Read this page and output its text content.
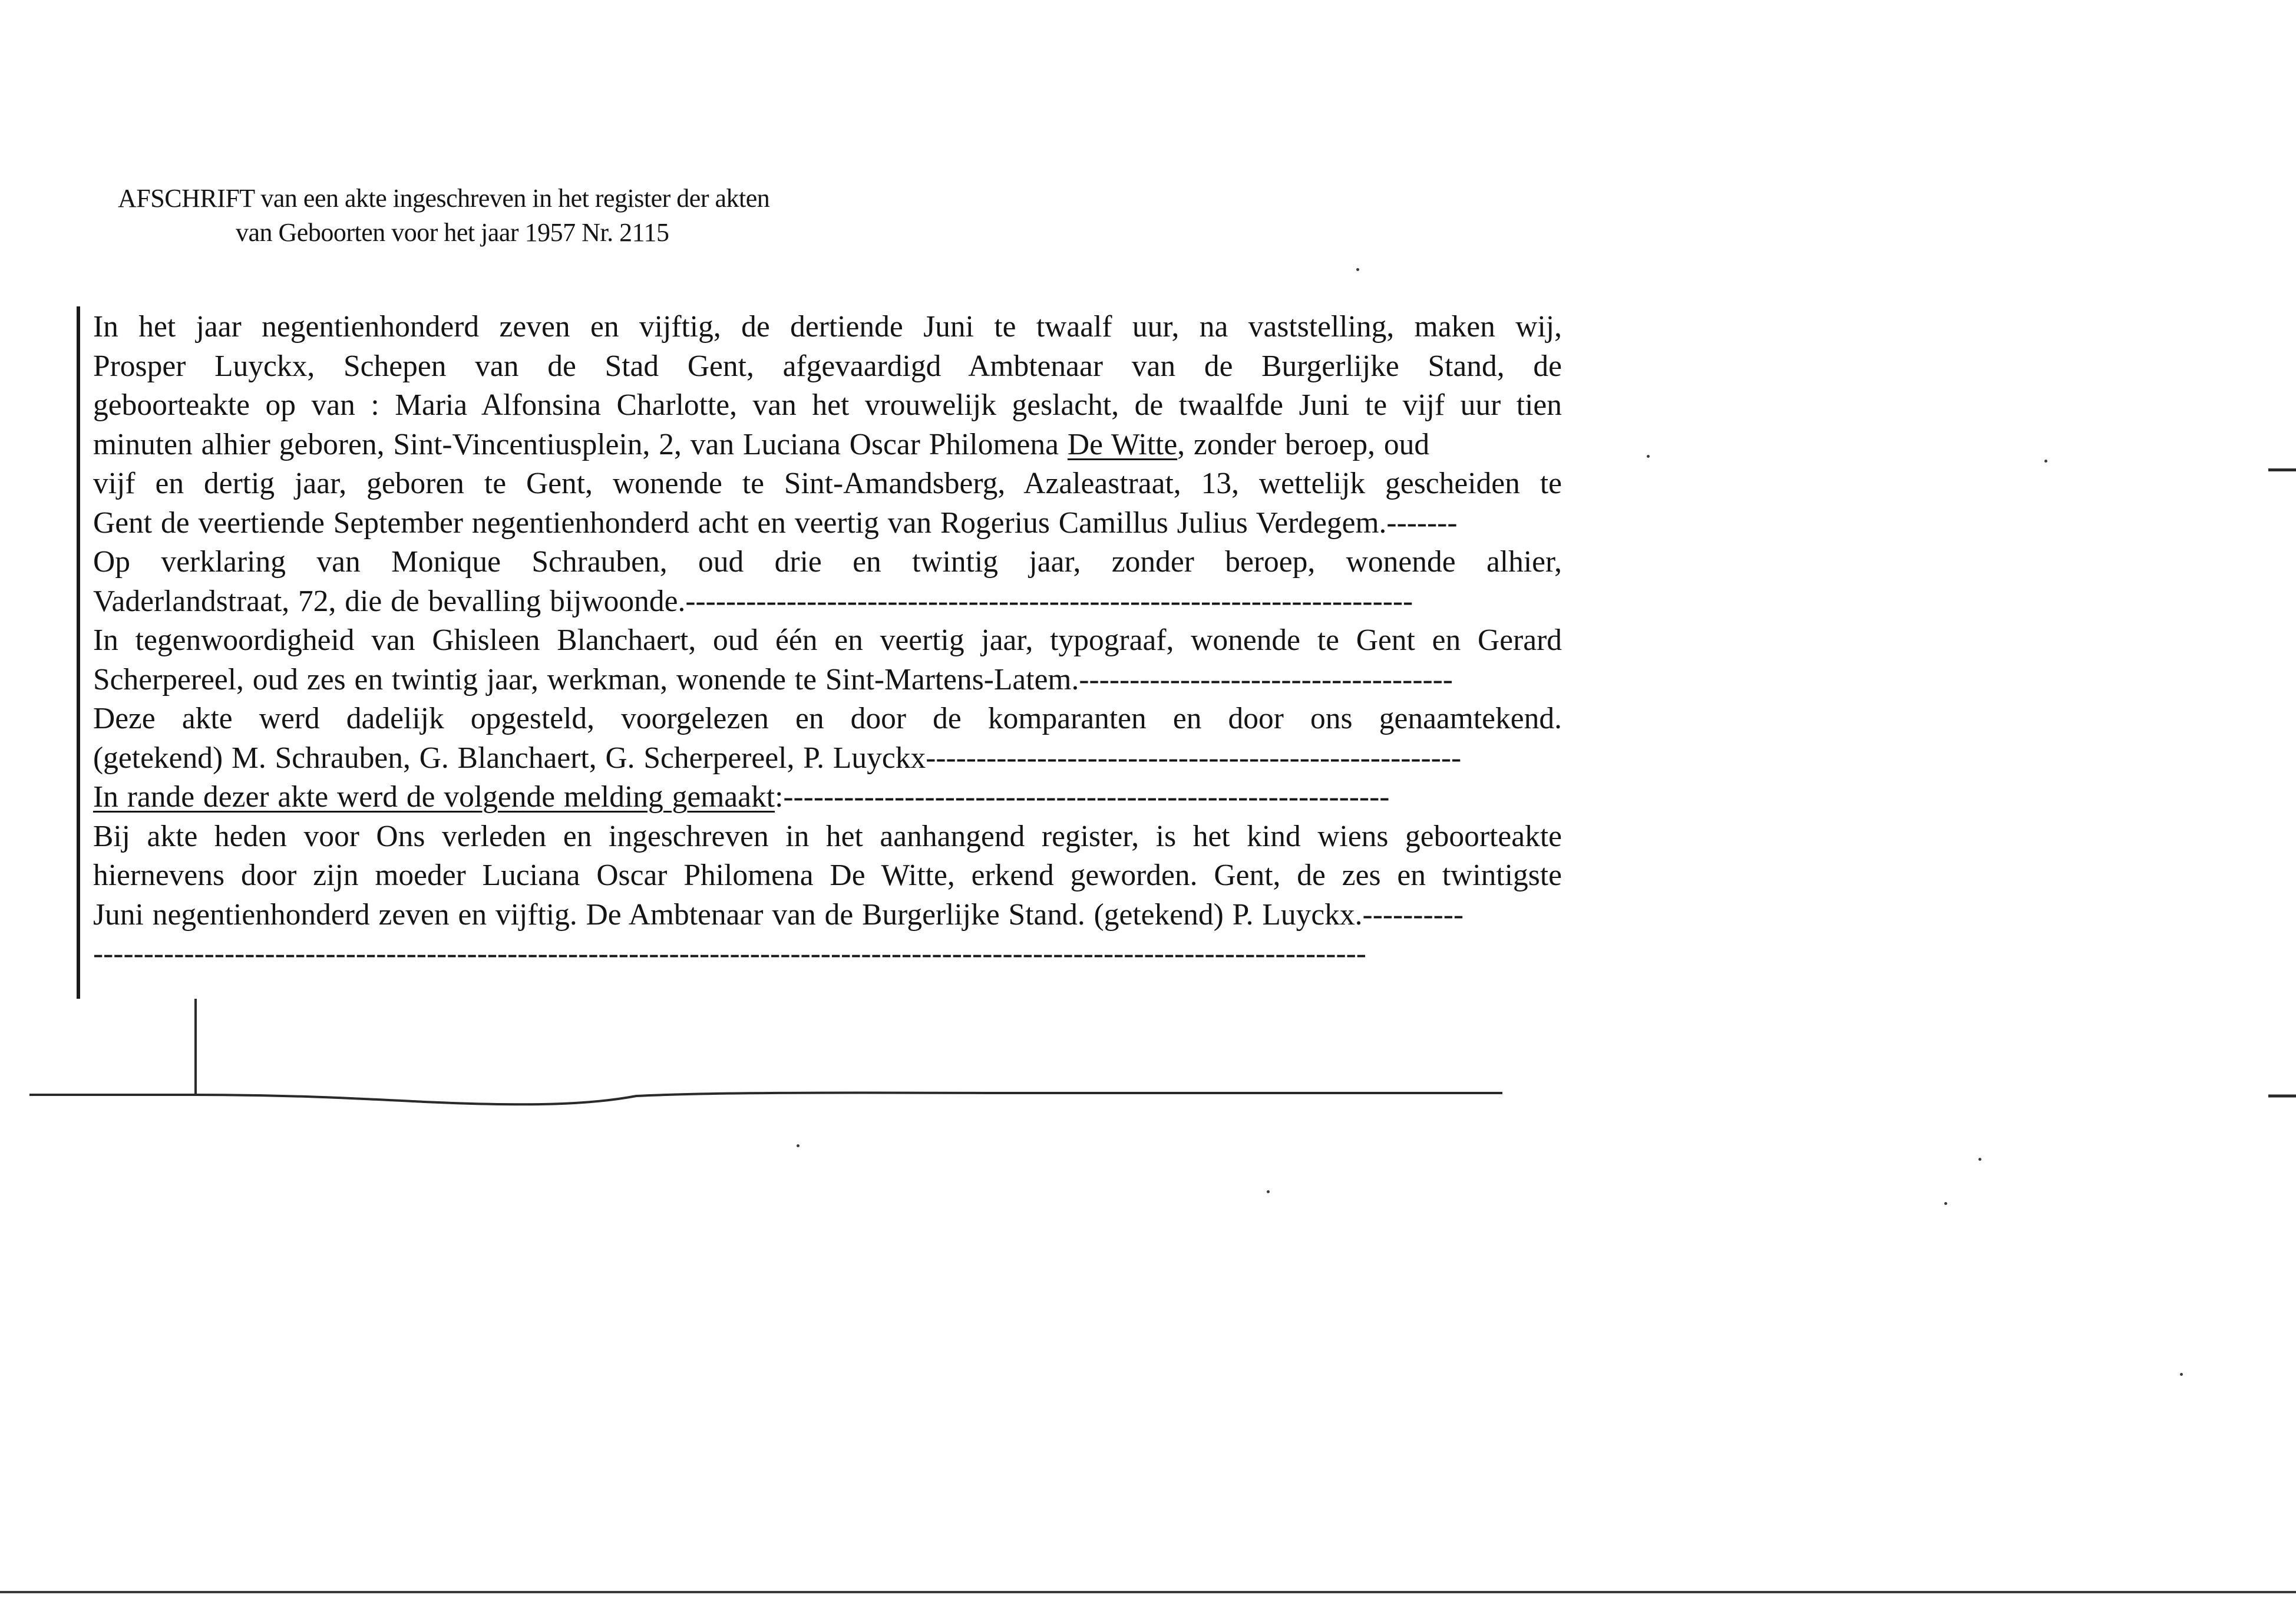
AFSCHRIFT van een akte ingeschreven in het register der akten
van Geboorten voor het jaar 1957 Nr. 2115
In het jaar negentienhonderd zeven en vijftig, de dertiende Juni te twaalf uur, na vaststelling, maken wij,
Prosper Luyckx, Schepen van de Stad Gent, afgevaardigd Ambtenaar van de Burgerlijke Stand, de
geboorteakte op van : Maria Alfonsina Charlotte, van het vrouwelijk geslacht, de twaalfde Juni te vijf uur tien
minuten alhier geboren, Sint-Vincentiusplein, 2, van Luciana Oscar Philomena De Witte, zonder beroep, oud
vijf en dertig jaar, geboren te Gent, wonende te Sint-Amandsberg, Azaleastraat, 13, wettelijk gescheiden te
Gent de veertiende September negentienhonderd acht en veertig van Rogerius Camillus Julius Verdegem.-------
Op verklaring van Monique Schrauben, oud drie en twintig jaar, zonder beroep, wonende alhier,
Vaderlandstraat, 72, die de bevalling bijwoonde.------------------------------------------------------------------------
In tegenwoordigheid van Ghisleen Blanchaert, oud één en veertig jaar, typograaf, wonende te Gent en Gerard
Scherpereel, oud zes en twintig jaar, werkman, wonende te Sint-Martens-Latem.-------------------------------------
Deze akte werd dadelijk opgesteld, voorgelezen en door de komparanten en door ons genaamtekend.
(getekend) M. Schrauben, G. Blanchaert, G. Scherpereel, P. Luyckx-----------------------------------------------------
In rande dezer akte werd de volgende melding gemaakt:------------------------------------------------------------
Bij akte heden voor Ons verleden en ingeschreven in het aanhangend register, is het kind wiens geboorteakte
hiernevens door zijn moeder Luciana Oscar Philomena De Witte, erkend geworden. Gent, de zes en twintigste
Juni negentienhonderd zeven en vijftig. De Ambtenaar van de Burgerlijke Stand. (getekend) P. Luyckx.----------
------------------------------------------------------------------------------------------------------------------------------
